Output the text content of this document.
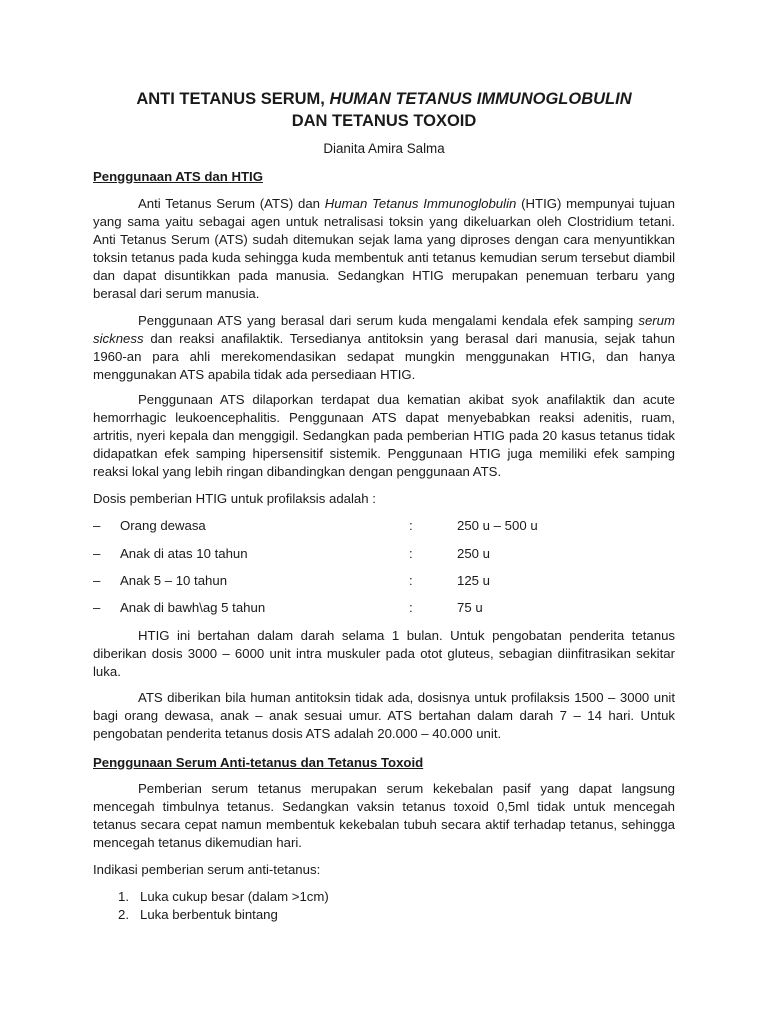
ANTI TETANUS SERUM, HUMAN TETANUS IMMUNOGLOBULIN
DAN TETANUS TOXOID
Dianita Amira Salma
Penggunaan ATS dan HTIG
Anti Tetanus Serum (ATS) dan Human Tetanus Immunoglobulin (HTIG) mempunyai tujuan yang sama yaitu sebagai agen untuk netralisasi toksin yang dikeluarkan oleh Clostridium tetani. Anti Tetanus Serum (ATS) sudah ditemukan sejak lama yang diproses dengan cara menyuntikkan toksin tetanus pada kuda sehingga kuda membentuk anti tetanus kemudian serum tersebut diambil dan dapat disuntikkan pada manusia. Sedangkan HTIG merupakan penemuan terbaru yang berasal dari serum manusia.
Penggunaan ATS yang berasal dari serum kuda mengalami kendala efek samping serum sickness dan reaksi anafilaktik. Tersedianya antitoksin yang berasal dari manusia, sejak tahun 1960-an para ahli merekomendasikan sedapat mungkin menggunakan HTIG, dan hanya menggunakan ATS apabila tidak ada persediaan HTIG.
Penggunaan ATS dilaporkan terdapat dua kematian akibat syok anafilaktik dan acute hemorrhagic leukoencephalitis. Penggunaan ATS dapat menyebabkan reaksi adenitis, ruam, artritis, nyeri kepala dan menggigil. Sedangkan pada pemberian HTIG pada 20 kasus tetanus tidak didapatkan efek samping hipersensitif sistemik. Penggunaan HTIG juga memiliki efek samping reaksi lokal yang lebih ringan dibandingkan dengan penggunaan ATS.
Dosis pemberian HTIG untuk profilaksis adalah :
– Orang dewasa	:	250 u – 500 u
– Anak di atas 10 tahun	:	250 u
– Anak 5 – 10 tahun	:	125 u
– Anak di bawh\ag 5 tahun	:	75 u
HTIG ini bertahan dalam darah selama 1 bulan. Untuk pengobatan penderita tetanus diberikan dosis 3000 – 6000 unit intra muskuler pada otot gluteus, sebagian diinfitrasikan sekitar luka.
ATS diberikan bila human antitoksin tidak ada, dosisnya untuk profilaksis 1500 – 3000 unit bagi orang dewasa, anak – anak sesuai umur. ATS bertahan dalam darah 7 – 14 hari. Untuk pengobatan penderita tetanus dosis ATS adalah 20.000 – 40.000 unit.
Penggunaan Serum Anti-tetanus dan Tetanus Toxoid
Pemberian serum tetanus merupakan serum kekebalan pasif yang dapat langsung mencegah timbulnya tetanus. Sedangkan vaksin tetanus toxoid 0,5ml tidak untuk mencegah tetanus secara cepat namun membentuk kekebalan tubuh secara aktif terhadap tetanus, sehingga mencegah tetanus dikemudian hari.
Indikasi pemberian serum anti-tetanus:
1. Luka cukup besar (dalam >1cm)
2. Luka berbentuk bintang
